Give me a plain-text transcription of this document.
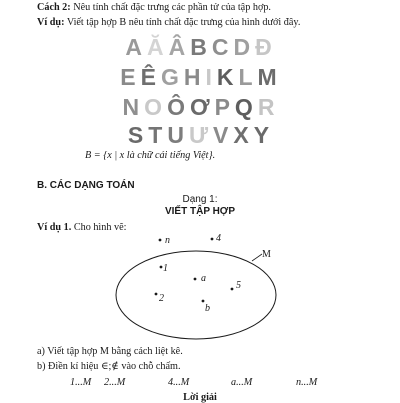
Cách 2: Nêu tính chất đặc trưng các phần tử của tập hợp.
Ví dụ: Viết tập hợp B nêu tính chất đặc trưng của hình dưới đây.
AĂÂBCDĐ
EÊGHIKLM
NOÔƠPQR
STUƯVXY
B = {x | x là chữ cái tiếng Việt}.
B. CÁC DẠNG TOÁN
Dạng 1:
VIẾT TẬP HỢP
Ví dụ 1. Cho hình vẽ:
M
n	4
1
a
5
2
b
a) Viết tập hợp M bằng cách liệt kê.
b) Điền kí hiệu ∈;∉ vào chỗ chấm.
1...M 2...M	4...M	a...M	n...M
Lời giải
